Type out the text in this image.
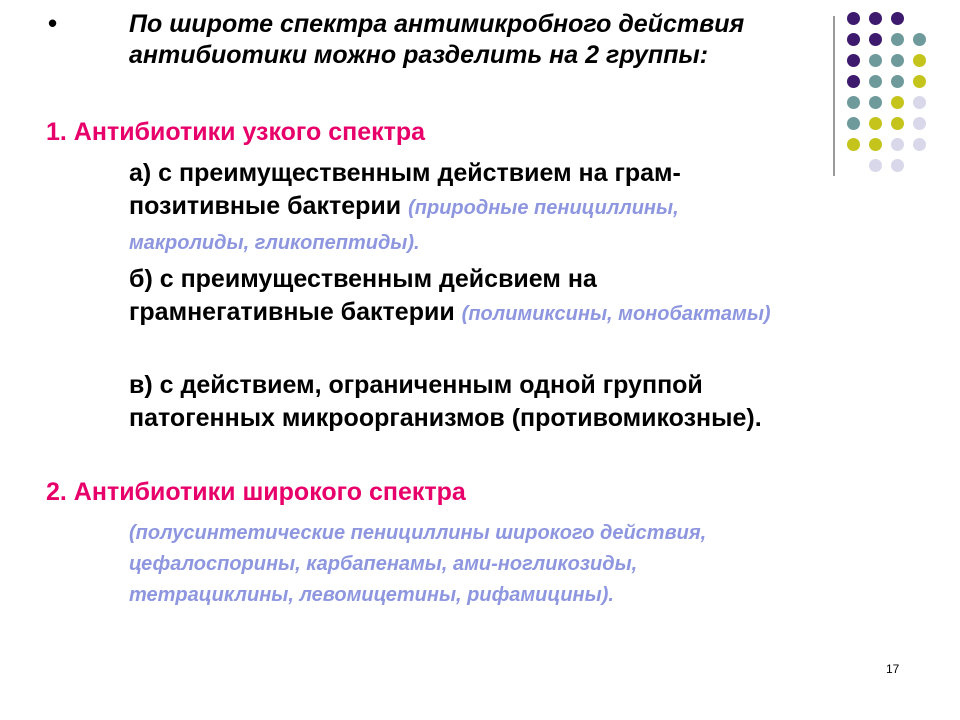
•	По широте спектра антимикробного действия антибиотики можно разделить на 2 группы:

1. Антибиотики узкого спектра

а) с преимущественным действием на грам-позитивные бактерии (природные пенициллины, макролиды, гликопептиды).

б) с преимущественным дейсвием на грамнегативные бактерии (полимиксины, монобактамы)

в) с действием, ограниченным одной группой патогенных микроорганизмов (противомикозные).

2. Антибиотики широкого спектра

(полусинтетические пенициллины широкого действия, цефалоспорины, карбапенамы, ами-ногликозиды, тетрациклины, левомицетины, рифамицины).

17
